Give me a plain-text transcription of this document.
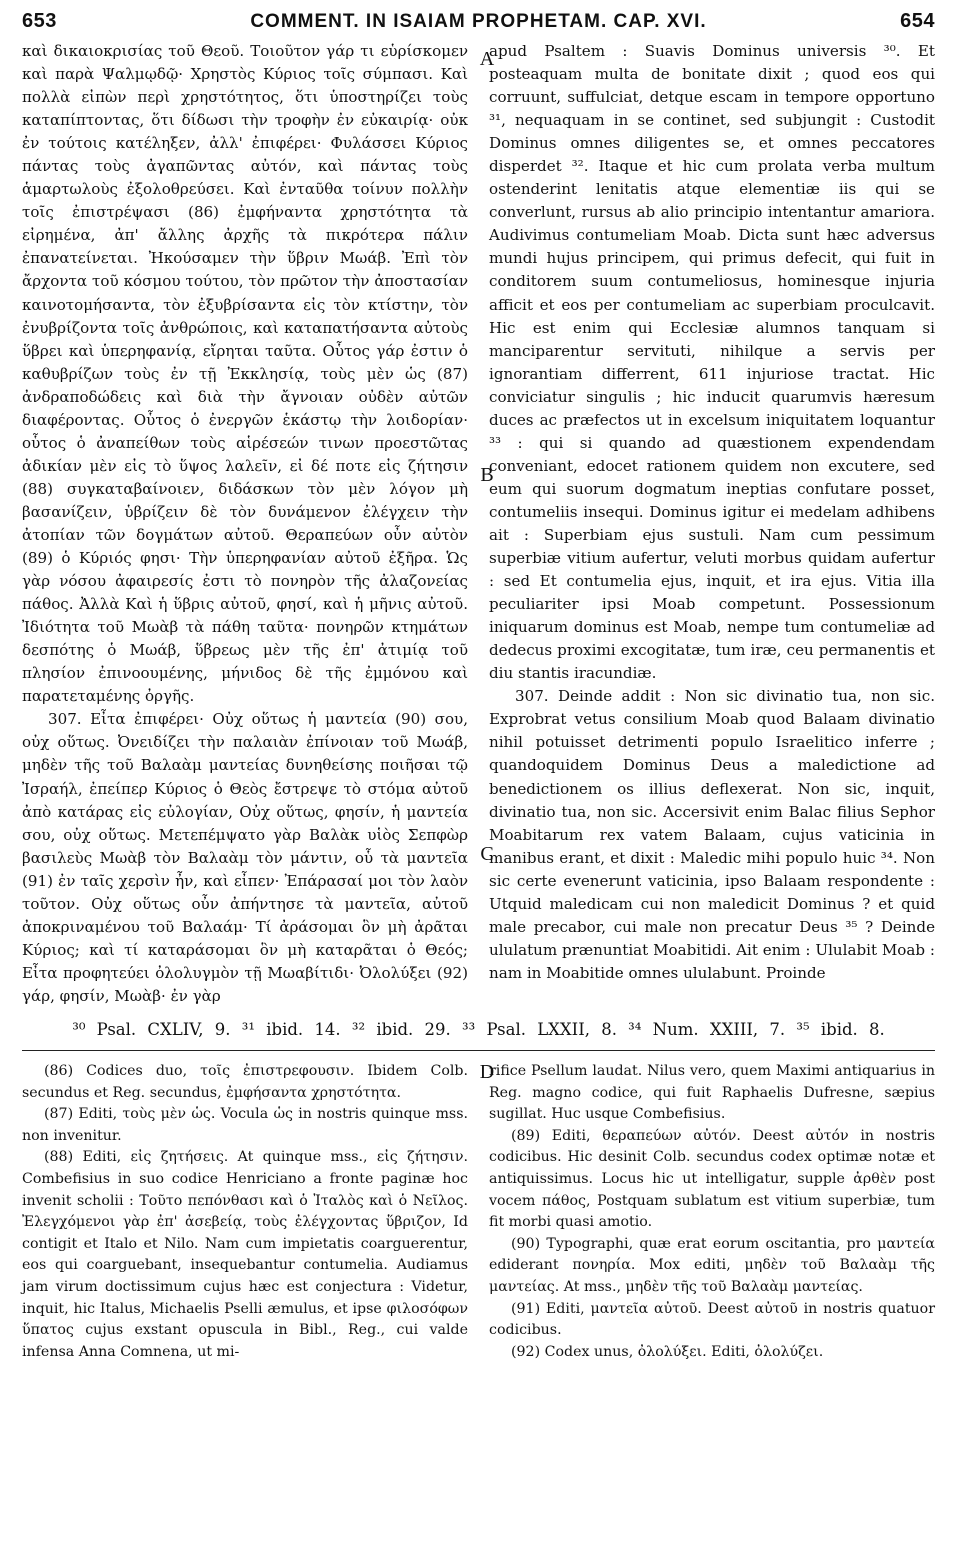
653	COMMENT. IN ISAIAM PROPHETAM. CAP. XVI.	654

καὶ δικαιοκρισίας τοῦ Θεοῦ. Τοιοῦτον γάρ τι εὑρίσκομεν καὶ παρὰ Ψαλμῳδῷ· Χρηστὸς Κύριος τοῖς σύμπασι. Καὶ πολλὰ εἰπὼν περὶ χρηστότητος, ὅτι ὑποστηρίζει τοὺς καταπίπτοντας, ὅτι δίδωσι τὴν τροφὴν ἐν εὐκαιρίᾳ· οὐκ ἐν τούτοις κατέληξεν, ἀλλ' ἐπιφέρει· Φυλάσσει Κύριος πάντας τοὺς ἀγαπῶντας αὐτόν, καὶ πάντας τοὺς ἁμαρτωλοὺς ἐξολοθρεύσει. Καὶ ἐνταῦθα τοίνυν πολλὴν τοῖς ἐπιστρέψασι (86) ἐμφήναντα χρηστότητα τὰ εἰρημένα, ἀπ' ἄλλης ἀρχῆς τὰ πικρότερα πάλιν ἐπανατείνεται. Ἠκούσαμεν τὴν ὕβριν Μωάβ. Ἐπὶ τὸν ἄρχοντα τοῦ κόσμου τούτου, τὸν πρῶτον τὴν ἀποστασίαν καινοτομήσαντα, τὸν ἐξυβρίσαντα εἰς τὸν κτίστην, τὸν ἐνυβρίζοντα τοῖς ἀνθρώποις, καὶ καταπατήσαντα αὐτοὺς ὕβρει καὶ ὑπερηφανίᾳ, εἴρηται ταῦτα. Οὗτος γάρ ἐστιν ὁ καθυβρίζων τοὺς ἐν τῇ Ἐκκλησίᾳ, τοὺς μὲν ὡς (87) ἀνδραποδώδεις καὶ διὰ τὴν ἄγνοιαν οὐδὲν αὐτῶν διαφέροντας. Οὗτος ὁ ἐνεργῶν ἑκάστῳ τὴν λοιδορίαν· οὗτος ὁ ἀναπείθων τοὺς αἱρέσεών τινων προεστῶτας ἀδικίαν μὲν εἰς τὸ ὕψος λαλεῖν, εἰ δέ ποτε εἰς ζήτησιν (88) συγκαταβαίνοιεν, διδάσκων τὸν μὲν λόγον μὴ βασανίζειν, ὑβρίζειν δὲ τὸν δυνάμενον ἐλέγχειν τὴν ἀτοπίαν τῶν δογμάτων αὐτοῦ. Θεραπεύων οὖν αὐτὸν (89) ὁ Κύριός φησι· Τὴν ὑπερηφανίαν αὐτοῦ ἐξῆρα. Ὡς γὰρ νόσου ἀφαιρεσίς ἐστι τὸ πονηρὸν τῆς ἀλαζονείας πάθος. Ἀλλὰ Καὶ ἡ ὕβρις αὐτοῦ, φησί, καὶ ἡ μῆνις αὐτοῦ. Ἰδιότητα τοῦ Μωὰβ τὰ πάθη ταῦτα· πονηρῶν κτημάτων δεσπότης ὁ Μωάβ, ὕβρεως μὲν τῆς ἐπ' ἀτιμίᾳ τοῦ πλησίον ἐπινοουμένης, μήνιδος δὲ τῆς ἐμμόνου καὶ παρατεταμένης ὀργῆς.

307. Εἶτα ἐπιφέρει· Οὐχ οὕτως ἡ μαντεία (90) σου, οὐχ οὕτως. Ὀνειδίζει τὴν παλαιὰν ἐπίνοιαν τοῦ Μωάβ, μηδὲν τῆς τοῦ Βαλαὰμ μαντείας δυνηθείσης ποιῆσαι τῷ Ἰσραήλ, ἐπείπερ Κύριος ὁ Θεὸς ἔστρεψε τὸ στόμα αὐτοῦ ἀπὸ κατάρας εἰς εὐλογίαν, Οὐχ οὕτως, φησίν, ἡ μαντεία σου, οὐχ οὕτως. Μετεπέμψατο γὰρ Βαλὰκ υἱὸς Σεπφὼρ βασιλεὺς Μωὰβ τὸν Βαλαὰμ τὸν μάντιν, οὗ τὰ μαντεῖα (91) ἐν ταῖς χερσὶν ἦν, καὶ εἶπεν· Ἐπάρασαί μοι τὸν λαὸν τοῦτον. Οὐχ οὕτως οὖν ἀπήντησε τὰ μαντεῖα, αὐτοῦ ἀποκριναμένου τοῦ Βαλαάμ· Τί ἀράσομαι ὃν μὴ ἀρᾶται Κύριος; καὶ τί καταράσομαι ὃν μὴ καταρᾶται ὁ Θεός; Εἶτα προφητεύει ὀλολυγμὸν τῇ Μωαβίτιδι· Ὀλολύξει (92) γάρ, φησίν, Μωὰβ· ἐν γὰρ

A
B
C

apud Psaltem : Suavis Dominus universis ³⁰. Et posteaquam multa de bonitate dixit ; quod eos qui corruunt, suffulciat, detque escam in tempore opportuno ³¹, nequaquam in se continet, sed subjungit : Custodit Dominus omnes diligentes se, et omnes peccatores disperdet ³². Itaque et hic cum prolata verba multum ostenderint lenitatis atque elementiæ iis qui se converlunt, rursus ab alio principio intentantur amariora. Audivimus contumeliam Moab. Dicta sunt hæc adversus mundi hujus principem, qui primus defecit, qui fuit in conditorem suum contumeliosus, hominesque injuria afficit et eos per contumeliam ac superbiam proculcavit. Hic est enim qui Ecclesiæ alumnos tanquam si manciparentur servituti, nihilque a servis per ignorantiam differrent, 611 injuriose tractat. Hic conviciatur singulis ; hic inducit quarumvis hæresum duces ac præfectos ut in excelsum iniquitatem loquantur ³³ : qui si quando ad quæstionem expendendam conveniant, edocet rationem quidem non excutere, sed eum qui suorum dogmatum ineptias confutare posset, contumeliis insequi. Dominus igitur ei medelam adhibens ait : Superbiam ejus sustuli. Nam cum pessimum superbiæ vitium aufertur, veluti morbus quidam aufertur : sed Et contumelia ejus, inquit, et ira ejus. Vitia illa peculiariter ipsi Moab competunt. Possessionum iniquarum dominus est Moab, nempe tum contumeliæ ad dedecus proximi excogitatæ, tum iræ, ceu permanentis et diu stantis iracundiæ.

307. Deinde addit : Non sic divinatio tua, non sic. Exprobrat vetus consilium Moab quod Balaam divinatio nihil potuisset detrimenti populo Israelitico inferre ; quandoquidem Dominus Deus a maledictione ad benedictionem os illius deflexerat. Non sic, inquit, divinatio tua, non sic. Accersivit enim Balac filius Sephor Moabitarum rex vatem Balaam, cujus vaticinia in manibus erant, et dixit : Maledic mihi populo huic ³⁴. Non sic certe evenerunt vaticinia, ipso Balaam respondente : Utquid maledicam cui non maledicit Dominus ? et quid male precabor, cui male non precatur Deus ³⁵ ? Deinde ululatum prænuntiat Moabitidi. Ait enim : Ululabit Moab : nam in Moabitide omnes ululabunt. Proinde

³⁰ Psal. CXLIV, 9. ³¹ ibid. 14. ³² ibid. 29. ³³ Psal. LXXII, 8. ³⁴ Num. XXIII, 7. ³⁵ ibid. 8.

(86) Codices duo, τοῖς ἐπιστρεφουσιν. Ibidem Colb. secundus et Reg. secundus, ἐμφήσαντα χρηστότητα.

(87) Editi, τοὺς μὲν ὡς. Vocula ὡς in nostris quinque mss. non invenitur.

(88) Editi, εἰς ζητήσεις. At quinque mss., εἰς ζήτησιν. Combefisius in suo codice Henriciano a fronte paginæ hoc invenit scholii : Τοῦτο πεπόνθασι καὶ ὁ Ἰταλὸς καὶ ὁ Νεῖλος. Ἐλεγχόμενοι γὰρ ἐπ' ἀσεβείᾳ, τοὺς ἐλέγχοντας ὕβριζον, Id contigit et Italo et Nilo. Nam cum impietatis coarguerentur, eos qui coarguebant, insequebantur contumelia. Audiamus jam virum doctissimum cujus hæc est conjectura : Videtur, inquit, hic Italus, Michaelis Pselli æmulus, et ipse φιλοσόφων ὕπατος cujus exstant opuscula in Bibl., Reg., cui valde infensa Anna Comnena, ut mi-

D

rifice Psellum laudat. Nilus vero, quem Maximi antiquarius in Reg. magno codice, qui fuit Raphaelis Dufresne, sæpius sugillat. Huc usque Combefisius.

(89) Editi, θεραπεύων αὐτόν. Deest αὐτόν in nostris codicibus. Hic desinit Colb. secundus codex optimæ notæ et antiquissimus. Locus hic ut intelligatur, supple ἀρθὲν post vocem πάθος, Postquam sublatum est vitium superbiæ, tum fit morbi quasi amotio.

(90) Typographi, quæ erat eorum oscitantia, pro μαντεία ediderant πονηρία. Mox editi, μηδὲν τοῦ Βαλαὰμ τῆς μαντείας. At mss., μηδὲν τῆς τοῦ Βαλαὰμ μαντείας.

(91) Editi, μαντεῖα αὐτοῦ. Deest αὐτοῦ in nostris quatuor codicibus.

(92) Codex unus, ὀλολύξει. Editi, ὀλολύζει.
